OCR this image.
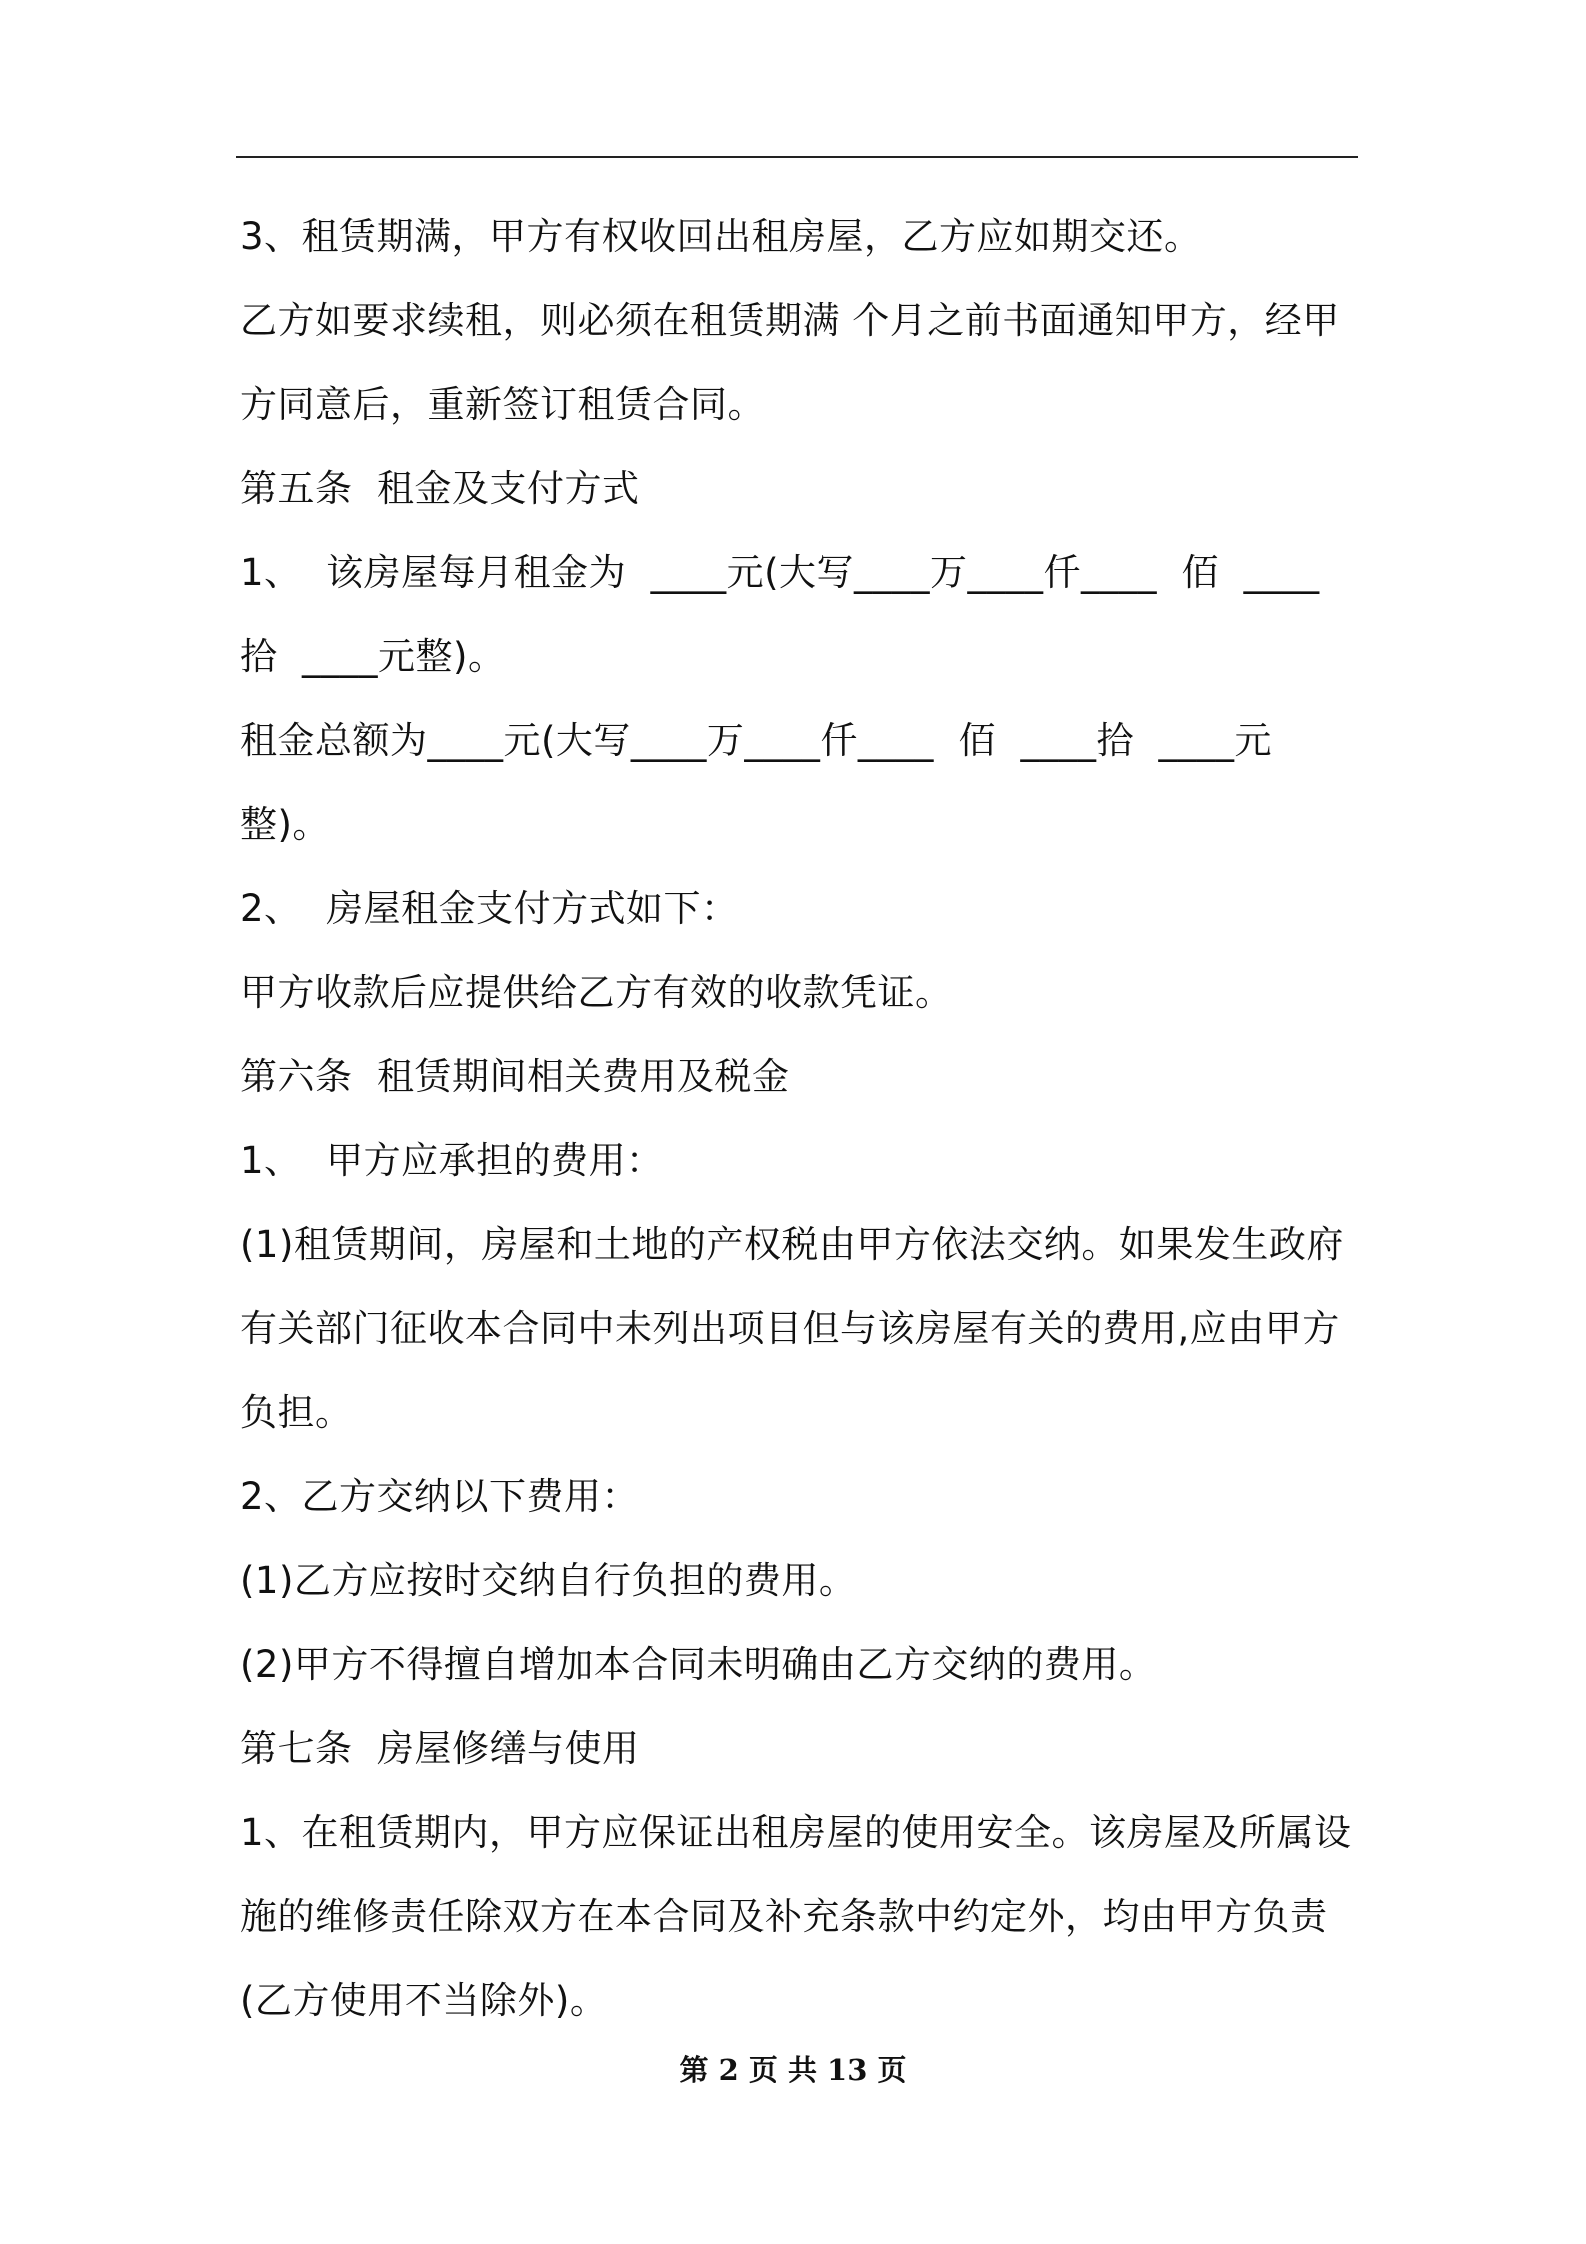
3、租赁期满，甲方有权收回出租房屋，乙方应如期交还。
乙方如要求续租，则必须在租赁期满 个月之前书面通知甲方，经甲
方同意后，重新签订租赁合同。
第五条  租金及支付方式
1、  该房屋每月租金为  ____元(大写____万____仟____  佰  ____
拾  ____元整)。
租金总额为____元(大写____万____仟____  佰  ____拾  ____元
整)。
2、  房屋租金支付方式如下：
甲方收款后应提供给乙方有效的收款凭证。
第六条  租赁期间相关费用及税金
1、  甲方应承担的费用：
(1)租赁期间，房屋和土地的产权税由甲方依法交纳。如果发生政府
有关部门征收本合同中未列出项目但与该房屋有关的费用,应由甲方
负担。
2、乙方交纳以下费用：
(1)乙方应按时交纳自行负担的费用。
(2)甲方不得擅自增加本合同未明确由乙方交纳的费用。
第七条  房屋修缮与使用
1、在租赁期内，甲方应保证出租房屋的使用安全。该房屋及所属设
施的维修责任除双方在本合同及补充条款中约定外，均由甲方负责
(乙方使用不当除外)。
第 2 页 共 13 页
